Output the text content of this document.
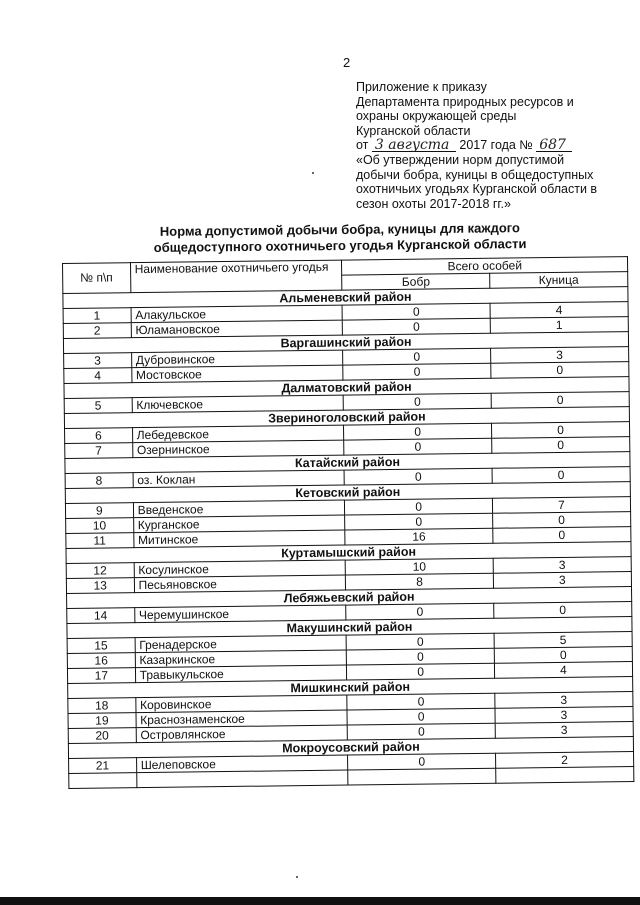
2
Приложение к приказу
Департамента природных ресурсов и
охраны окружающей среды
Курганской области
от 3 августа 2017 года № 687
«Об утверждении норм допустимой
добычи бобра, куницы в общедоступных
охотничьих угодьях Курганской области в
сезон охоты 2017-2018 гг.»
Норма допустимой добычи бобра, куницы для каждого
общедоступного охотничьего угодья Курганской области
№ п\п	Наименование охотничьего угодья	Всего особей	
		Бобр	Куница
Альменевский район			
1	Алакульское	0	4
2	Юламановское	0	1
Варгашинский район			
3	Дубровинское	0	3
4	Мостовское	0	0
Далматовский район			
5	Ключевское	0	0
Звериноголовский район			
6	Лебедевское	0	0
7	Озернинское	0	0
Катайский район			
8	оз. Коклан	0	0
Кетовский район			
9	Введенское	0	7
10	Курганское	0	0
11	Митинское	16	0
Куртамышский район			
12	Косулинское	10	3
13	Песьяновское	8	3
Лебяжьевский район			
14	Черемушинское	0	0
Макушинский район			
15	Гренадерское	0	5
16	Казаркинское	0	0
17	Травыкульское	0	4
Мишкинский район			
18	Коровинское	0	3
19	Краснознаменское	0	3
20	Островлянское	0	3
Мокроусовский район			
21	Шелеповское	0	2
